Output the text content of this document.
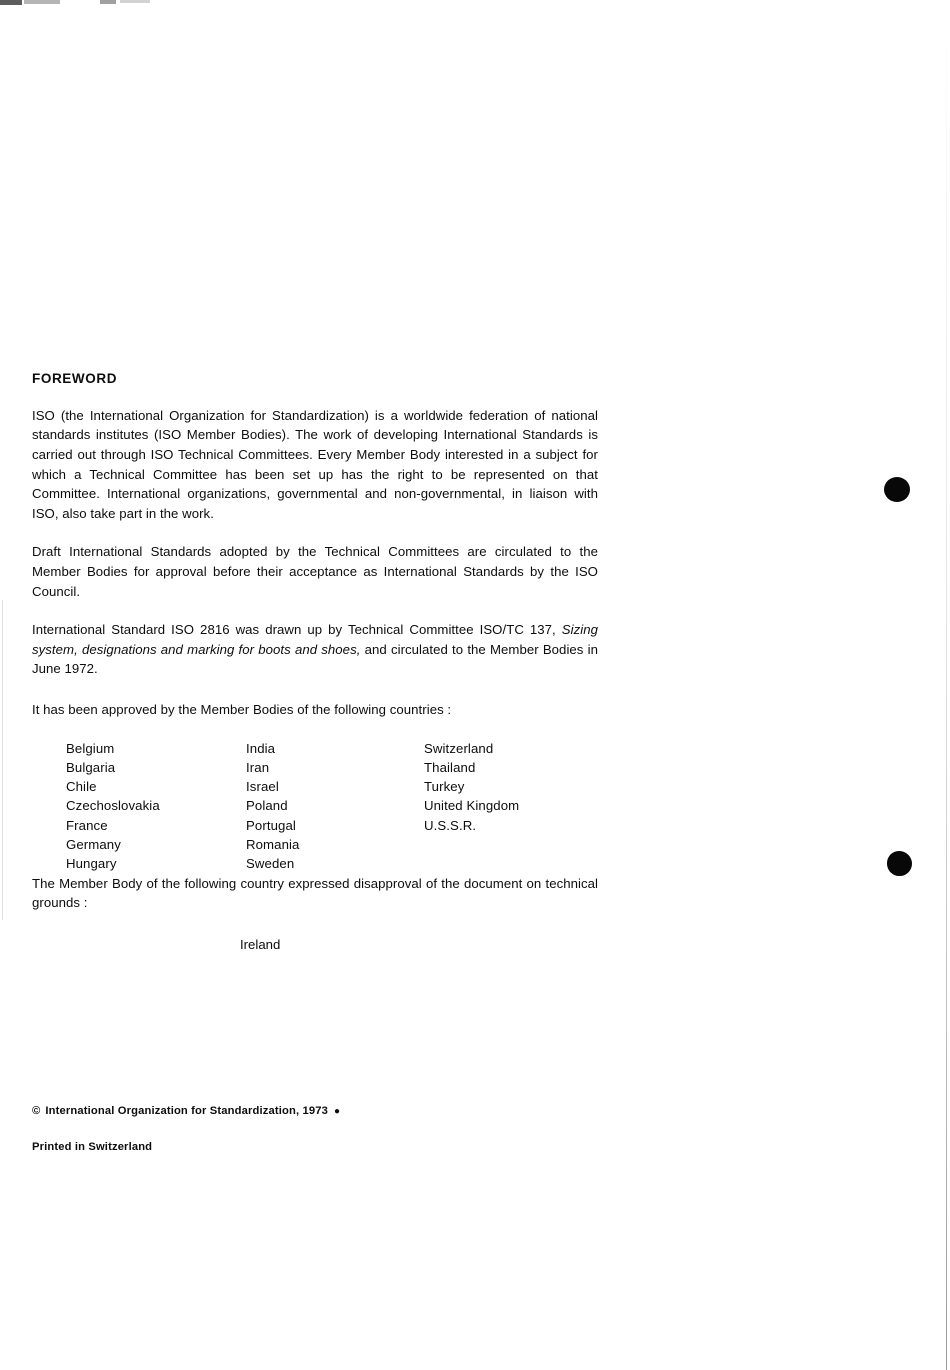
FOREWORD

ISO (the International Organization for Standardization) is a worldwide federation of national standards institutes (ISO Member Bodies). The work of developing International Standards is carried out through ISO Technical Committees. Every Member Body interested in a subject for which a Technical Committee has been set up has the right to be represented on that Committee. International organizations, governmental and non-governmental, in liaison with ISO, also take part in the work.

Draft International Standards adopted by the Technical Committees are circulated to the Member Bodies for approval before their acceptance as International Standards by the ISO Council.

International Standard ISO 2816 was drawn up by Technical Committee ISO/TC 137, Sizing system, designations and marking for boots and shoes, and circulated to the Member Bodies in June 1972.

It has been approved by the Member Bodies of the following countries :

Belgium
Bulgaria
Chile
Czechoslovakia
France
Germany
Hungary
India
Iran
Israel
Poland
Portugal
Romania
Sweden
Switzerland
Thailand
Turkey
United Kingdom
U.S.S.R.

The Member Body of the following country expressed disapproval of the document on technical grounds :

Ireland

© International Organization for Standardization, 1973 ●

Printed in Switzerland
